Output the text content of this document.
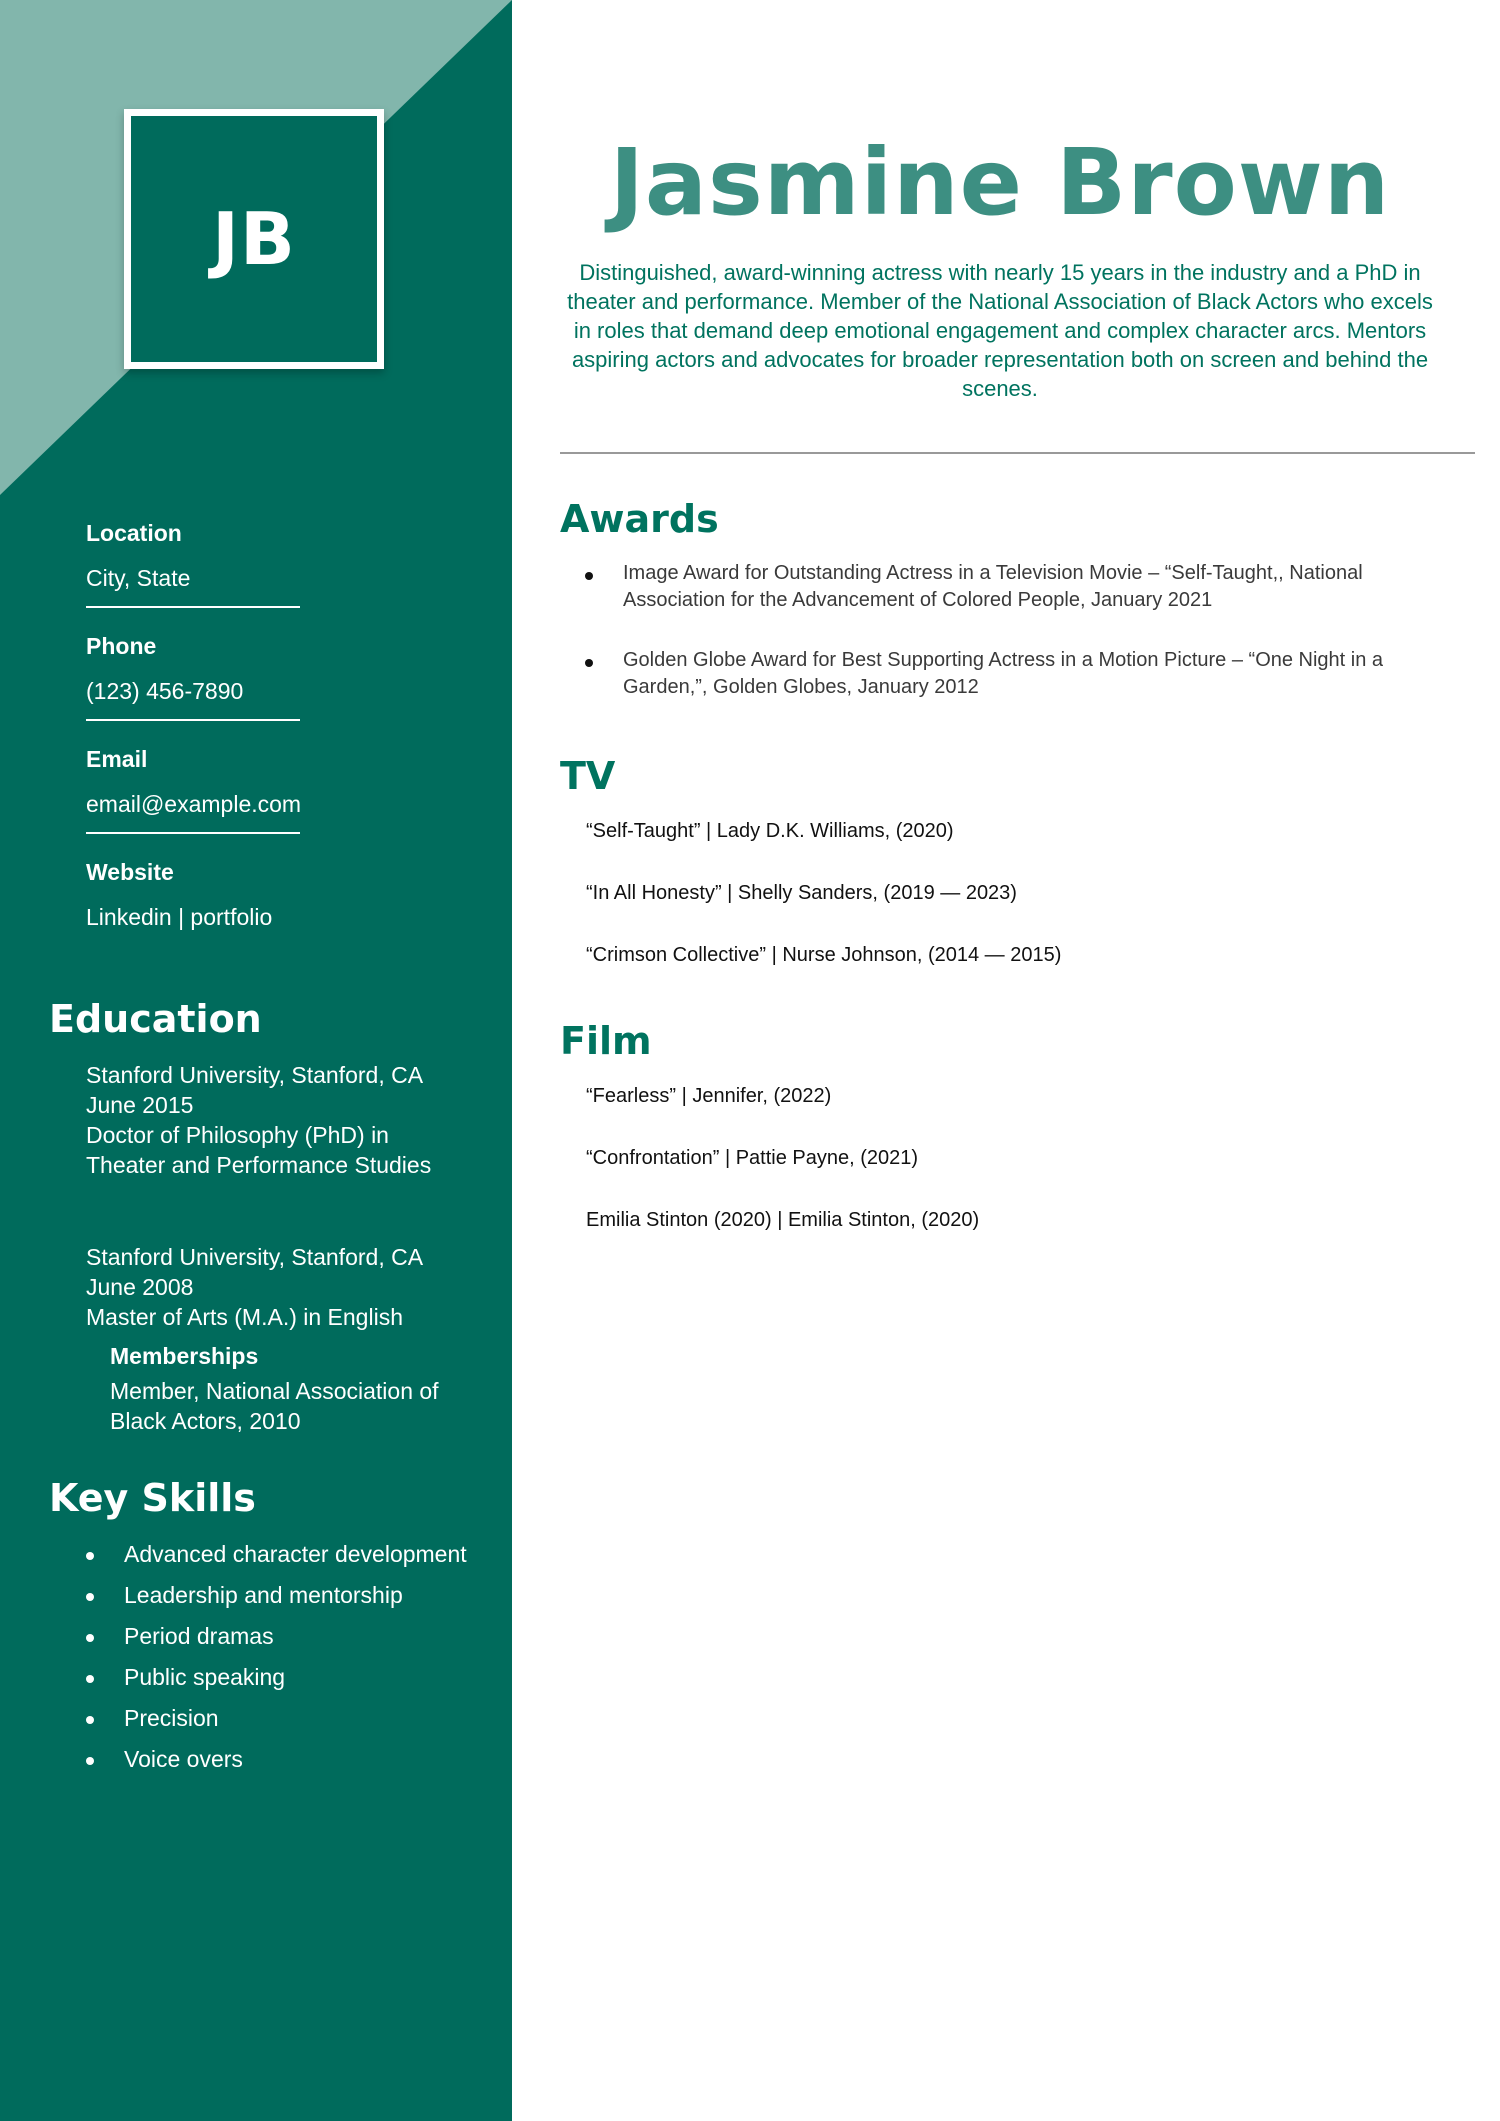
JB
Location
City, State
Phone
(123) 456-7890
Email
email@example.com
Website
Linkedin | portfolio
Education
Stanford University, Stanford, CA
June 2015
Doctor of Philosophy (PhD) in
Theater and Performance Studies
Stanford University, Stanford, CA
June 2008
Master of Arts (M.A.) in English
Memberships
Member, National Association of Black Actors, 2010
Key Skills
Advanced character development
Leadership and mentorship
Period dramas
Public speaking
Precision
Voice overs
Jasmine Brown
Distinguished, award-winning actress with nearly 15 years in the industry and a PhD in theater and performance. Member of the National Association of Black Actors who excels in roles that demand deep emotional engagement and complex character arcs. Mentors aspiring actors and advocates for broader representation both on screen and behind the scenes.
Awards
Image Award for Outstanding Actress in a Television Movie – “Self-Taught,, National Association for the Advancement of Colored People, January 2021
Golden Globe Award for Best Supporting Actress in a Motion Picture – “One Night in a Garden,”, Golden Globes, January 2012
TV
“Self-Taught” | Lady D.K. Williams, (2020)
“In All Honesty” | Shelly Sanders, (2019 — 2023)
“Crimson Collective” | Nurse Johnson, (2014 — 2015)
Film
“Fearless” | Jennifer, (2022)
“Confrontation” | Pattie Payne, (2021)
Emilia Stinton (2020) | Emilia Stinton, (2020)
